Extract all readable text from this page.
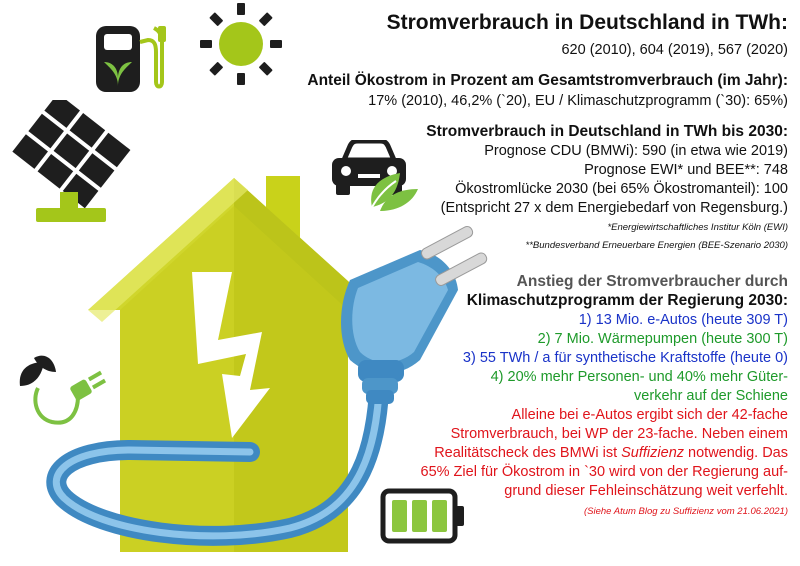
Stromverbrauch in Deutschland in TWh:
620 (2010), 604 (2019), 567 (2020)
Anteil Ökostrom in Prozent am Gesamtstromverbrauch (im Jahr):
17% (2010), 46,2% (`20), EU / Klimaschutzprogramm (`30): 65%)
Stromverbrauch in Deutschland in TWh bis 2030:
Prognose CDU (BMWi): 590 (in etwa wie 2019)
Prognose EWI* und BEE**: 748
Ökostromlücke 2030 (bei 65% Ökostromanteil): 100
(Entspricht 27 x dem Energiebedarf von Regensburg.)
*Energiewirtschaftliches Institur Köln (EWI)
**Bundesverband Erneuerbare Energien (BEE-Szenario 2030)
Anstieg der Stromverbraucher durch
Klimaschutzprogramm der Regierung 2030:
1) 13 Mio. e-Autos (heute 309 T)
2) 7 Mio. Wärmepumpen (heute 300 T)
3) 55 TWh / a für synthetische Kraftstoffe (heute 0)
4) 20% mehr Personen- und 40% mehr Güter-
verkehr auf der Schiene
Alleine bei e-Autos ergibt sich der 42-fache
Stromverbrauch, bei WP der 23-fache. Neben einem
Realitätscheck des BMWi ist Suffizienz notwendig. Das
65% Ziel für Ökostrom in `30 wird von der Regierung auf-
grund dieser Fehleinschätzung weit verfehlt.
(Siehe Atum Blog zu Suffizienz vom 21.06.2021)
